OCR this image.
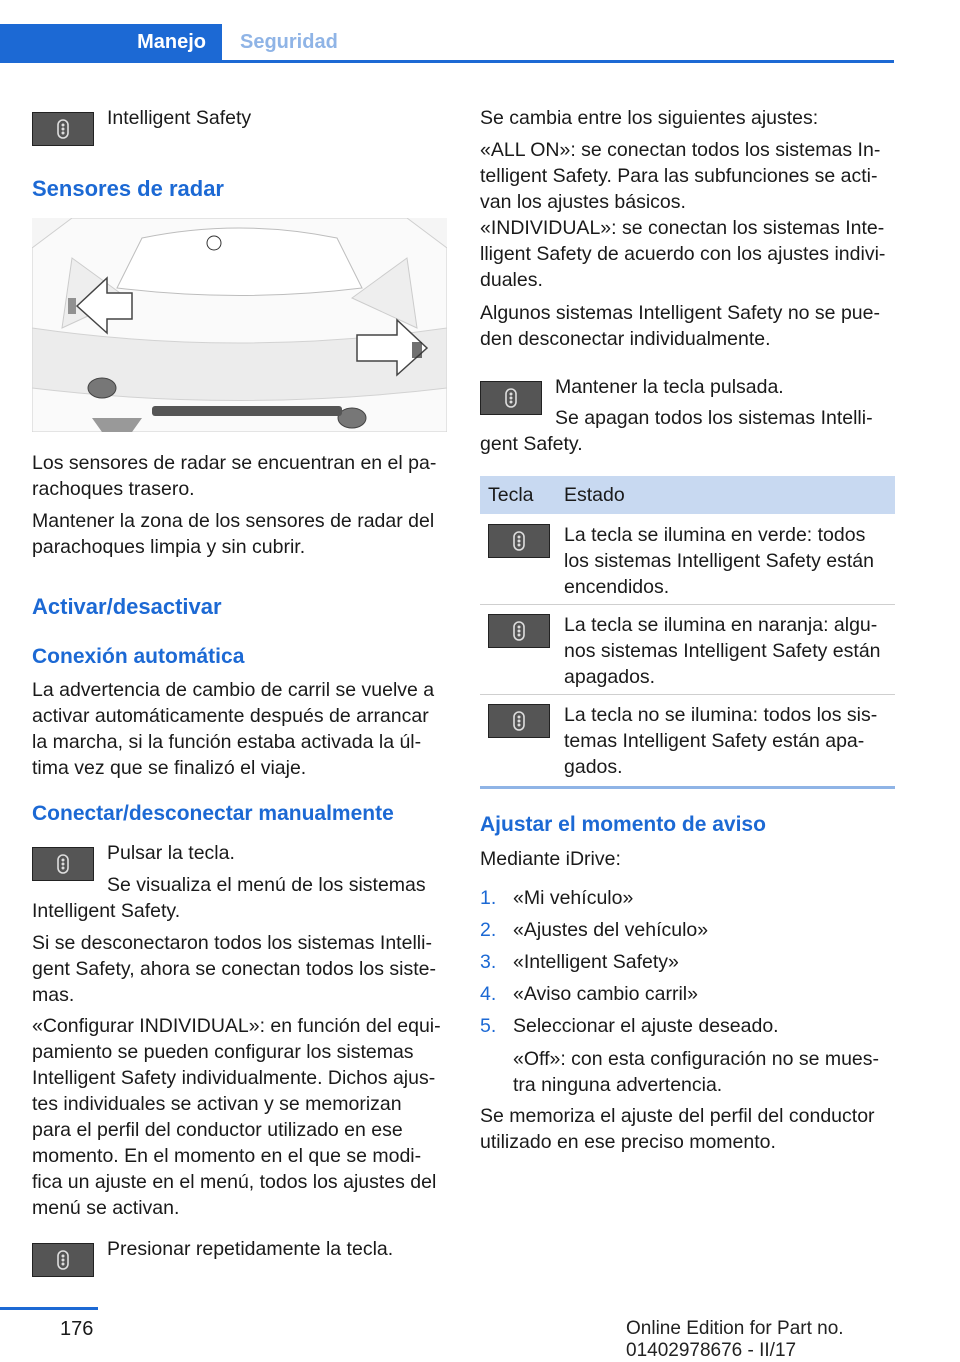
Manejo	Seguridad
Intelligent Safety
Sensores de radar
Los sensores de radar se encuentran en el pa-
rachoques trasero.
Mantener la zona de los sensores de radar del
parachoques limpia y sin cubrir.
Activar/desactivar
Conexión automática
La advertencia de cambio de carril se vuelve a
activar automáticamente después de arrancar
la marcha, si la función estaba activada la úl-
tima vez que se finalizó el viaje.
Conectar/desconectar manualmente
Pulsar la tecla.
Se visualiza el menú de los sistemas
Intelligent Safety.
Si se desconectaron todos los sistemas Intelli-
gent Safety, ahora se conectan todos los siste-
mas.
«Configurar INDIVIDUAL»: en función del equi-
pamiento se pueden configurar los sistemas
Intelligent Safety individualmente. Dichos ajus-
tes individuales se activan y se memorizan
para el perfil del conductor utilizado en ese
momento. En el momento en el que se modi-
fica un ajuste en el menú, todos los ajustes del
menú se activan.
Presionar repetidamente la tecla.
Se cambia entre los siguientes ajustes:
«ALL ON»: se conectan todos los sistemas In-
telligent Safety. Para las subfunciones se acti-
van los ajustes básicos.
«INDIVIDUAL»: se conectan los sistemas Inte-
lligent Safety de acuerdo con los ajustes indivi-
duales.
Algunos sistemas Intelligent Safety no se pue-
den desconectar individualmente.
Mantener la tecla pulsada.
Se apagan todos los sistemas Intelli-
gent Safety.
Tecla Estado
La tecla se ilumina en verde: todos
los sistemas Intelligent Safety están
encendidos.
La tecla se ilumina en naranja: algu-
nos sistemas Intelligent Safety están
apagados.
La tecla no se ilumina: todos los sis-
temas Intelligent Safety están apa-
gados.
Ajustar el momento de aviso
Mediante iDrive:
1. «Mi vehículo»
2. «Ajustes del vehículo»
3. «Intelligent Safety»
4. «Aviso cambio carril»
5. Seleccionar el ajuste deseado.
«Off»: con esta configuración no se mues-
tra ninguna advertencia.
Se memoriza el ajuste del perfil del conductor
utilizado en ese preciso momento.
176	Online Edition for Part no. 01402978676 - II/17
